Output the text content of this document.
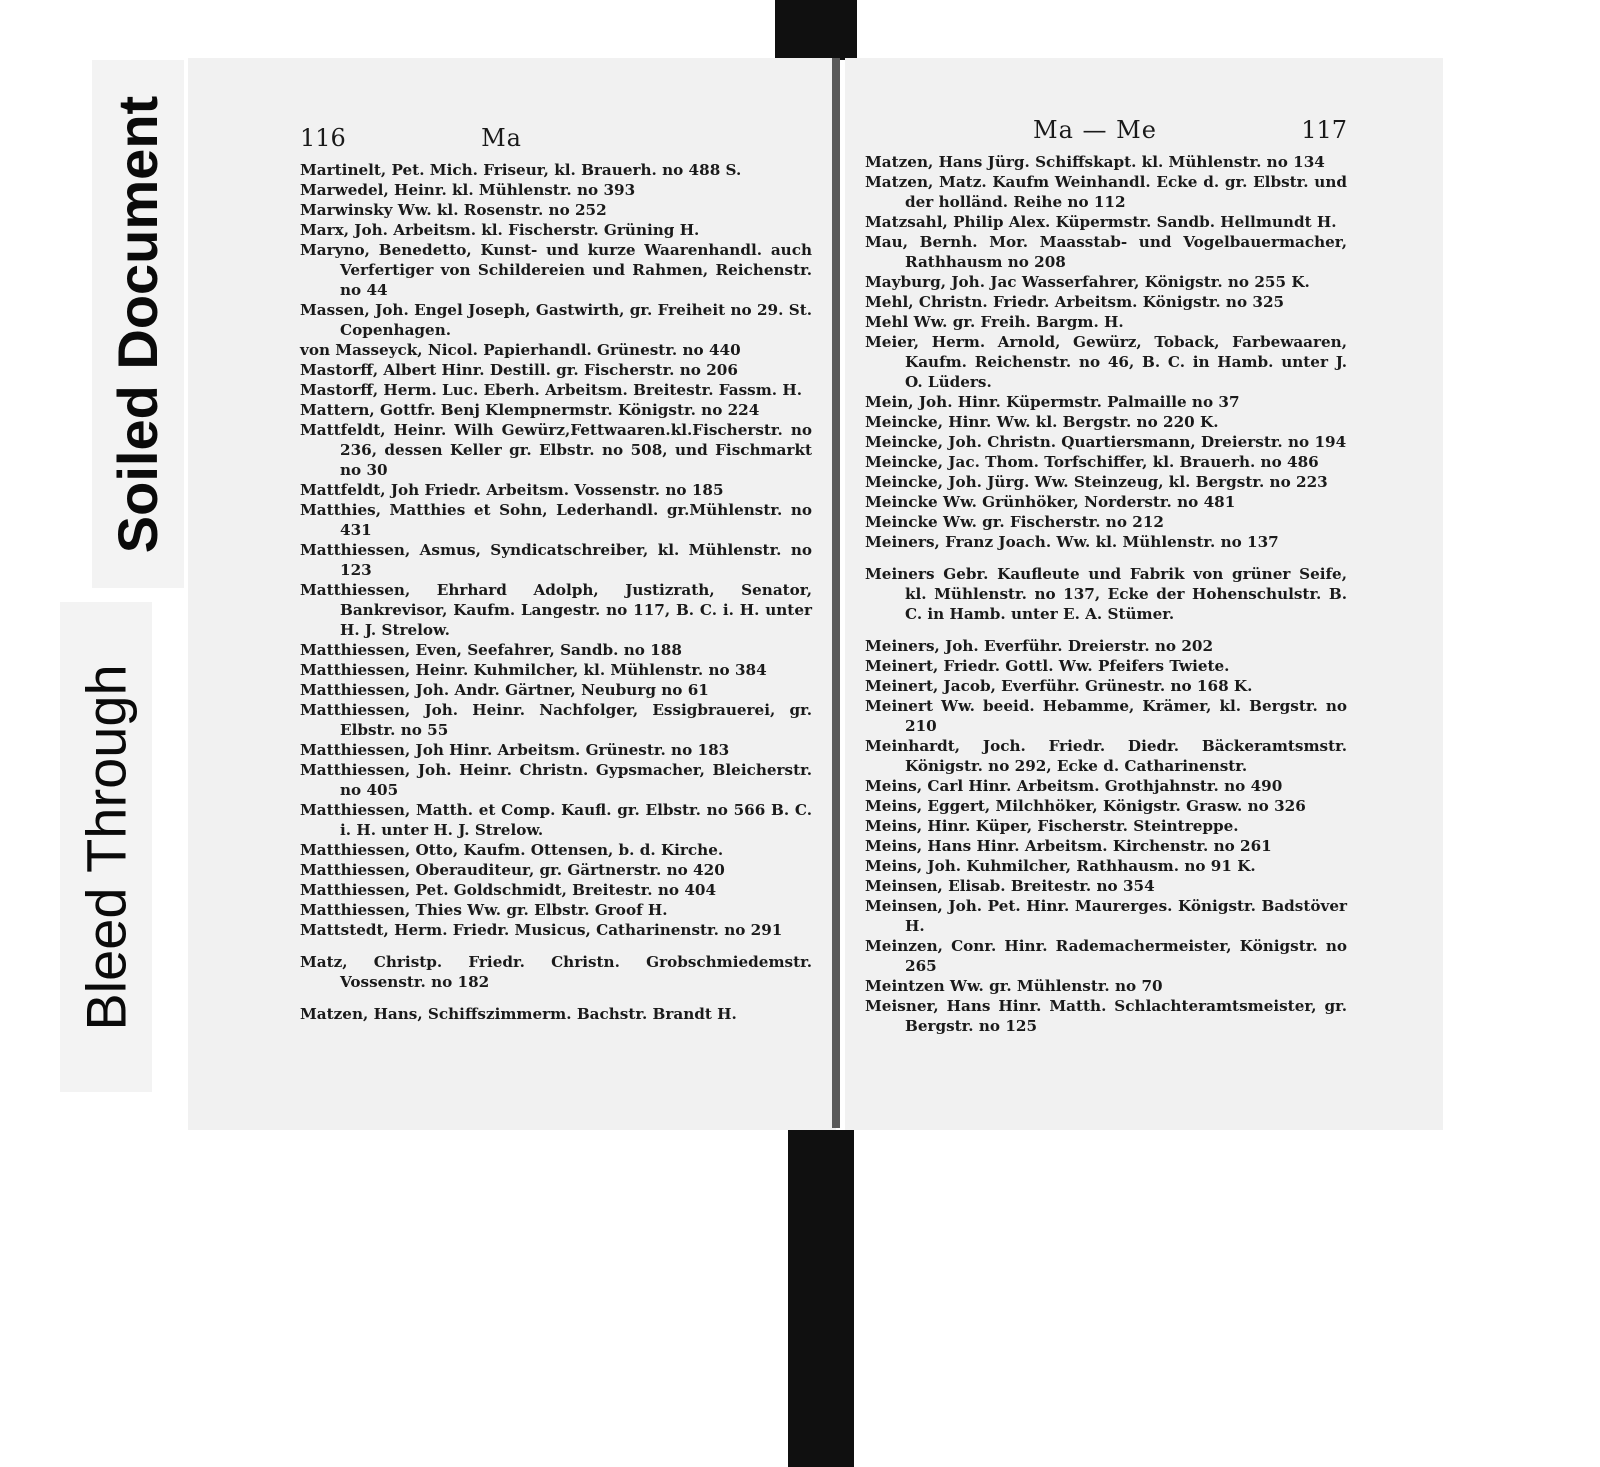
Soiled Document
Bleed Through
116	Ma
Martinelt, Pet. Mich. Friseur, kl. Brauerh. no 488 S.
Marwedel, Heinr. kl. Mühlenstr. no 393
Marwinsky Ww. kl. Rosenstr. no 252
Marx, Joh. Arbeitsm. kl. Fischerstr. Grüning H.
Maryno, Benedetto, Kunst- und kurze Waarenhandl. auch Verfertiger von Schildereien und Rahmen, Reichenstr. no 44
Massen, Joh. Engel Joseph, Gastwirth, gr. Freiheit no 29. St. Copenhagen.
von Masseyck, Nicol. Papierhandl. Grünestr. no 440
Mastorff, Albert Hinr. Destill. gr. Fischerstr. no 206
Mastorff, Herm. Luc. Eberh. Arbeitsm. Breitestr. Fassm. H.
Mattern, Gottfr. Benj Klempnermstr. Königstr. no 224
Mattfeldt, Heinr. Wilh Gewürz,Fettwaaren.kl.Fischerstr. no 236, dessen Keller gr. Elbstr. no 508, und Fischmarkt no 30
Mattfeldt, Joh Friedr. Arbeitsm. Vossenstr. no 185
Matthies, Matthies et Sohn, Lederhandl. gr.Mühlenstr. no 431
Matthiessen, Asmus, Syndicatschreiber, kl. Mühlenstr. no 123
Matthiessen, Ehrhard Adolph, Justizrath, Senator, Bankrevisor, Kaufm. Langestr. no 117, B. C. i. H. unter H. J. Strelow.
Matthiessen, Even, Seefahrer, Sandb. no 188
Matthiessen, Heinr. Kuhmilcher, kl. Mühlenstr. no 384
Matthiessen, Joh. Andr. Gärtner, Neuburg no 61
Matthiessen, Joh. Heinr. Nachfolger, Essigbrauerei, gr. Elbstr. no 55
Matthiessen, Joh Hinr. Arbeitsm. Grünestr. no 183
Matthiessen, Joh. Heinr. Christn. Gypsmacher, Bleicherstr. no 405
Matthiessen, Matth. et Comp. Kaufl. gr. Elbstr. no 566 B. C. i. H. unter H. J. Strelow.
Matthiessen, Otto, Kaufm. Ottensen, b. d. Kirche.
Matthiessen, Oberauditeur, gr. Gärtnerstr. no 420
Matthiessen, Pet. Goldschmidt, Breitestr. no 404
Matthiessen, Thies Ww. gr. Elbstr. Groof H.
Mattstedt, Herm. Friedr. Musicus, Catharinenstr. no 291
Matz, Christp. Friedr. Christn. Grobschmiedemstr. Vossenstr. no 182
Matzen, Hans, Schiffszimmerm. Bachstr. Brandt H.
Ma — Me	117
Matzen, Hans Jürg. Schiffskapt. kl. Mühlenstr. no 134
Matzen, Matz. Kaufm Weinhandl. Ecke d. gr. Elbstr. und der holländ. Reihe no 112
Matzsahl, Philip Alex. Küpermstr. Sandb. Hellmundt H.
Mau, Bernh. Mor. Maasstab- und Vogelbauermacher, Rathhausm no 208
Mayburg, Joh. Jac Wasserfahrer, Königstr. no 255 K.
Mehl, Christn. Friedr. Arbeitsm. Königstr. no 325
Mehl Ww. gr. Freih. Bargm. H.
Meier, Herm. Arnold, Gewürz, Toback, Farbewaaren, Kaufm. Reichenstr. no 46, B. C. in Hamb. unter J. O. Lüders.
Mein, Joh. Hinr. Küpermstr. Palmaille no 37
Meincke, Hinr. Ww. kl. Bergstr. no 220 K.
Meincke, Joh. Christn. Quartiersmann, Dreierstr. no 194
Meincke, Jac. Thom. Torfschiffer, kl. Brauerh. no 486
Meincke, Joh. Jürg. Ww. Steinzeug, kl. Bergstr. no 223
Meincke Ww. Grünhöker, Norderstr. no 481
Meincke Ww. gr. Fischerstr. no 212
Meiners, Franz Joach. Ww. kl. Mühlenstr. no 137
Meiners Gebr. Kaufleute und Fabrik von grüner Seife, kl. Mühlenstr. no 137, Ecke der Hohenschulstr. B. C. in Hamb. unter E. A. Stümer.
Meiners, Joh. Everführ. Dreierstr. no 202
Meinert, Friedr. Gottl. Ww. Pfeifers Twiete.
Meinert, Jacob, Everführ. Grünestr. no 168 K.
Meinert Ww. beeid. Hebamme, Krämer, kl. Bergstr. no 210
Meinhardt, Joch. Friedr. Diedr. Bäckeramtsmstr. Königstr. no 292, Ecke d. Catharinenstr.
Meins, Carl Hinr. Arbeitsm. Grothjahnstr. no 490
Meins, Eggert, Milchhöker, Königstr. Grasw. no 326
Meins, Hinr. Küper, Fischerstr. Steintreppe.
Meins, Hans Hinr. Arbeitsm. Kirchenstr. no 261
Meins, Joh. Kuhmilcher, Rathhausm. no 91 K.
Meinsen, Elisab. Breitestr. no 354
Meinsen, Joh. Pet. Hinr. Maurerges. Königstr. Badstöver H.
Meinzen, Conr. Hinr. Rademachermeister, Königstr. no 265
Meintzen Ww. gr. Mühlenstr. no 70
Meisner, Hans Hinr. Matth. Schlachteramtsmeister, gr. Bergstr. no 125
